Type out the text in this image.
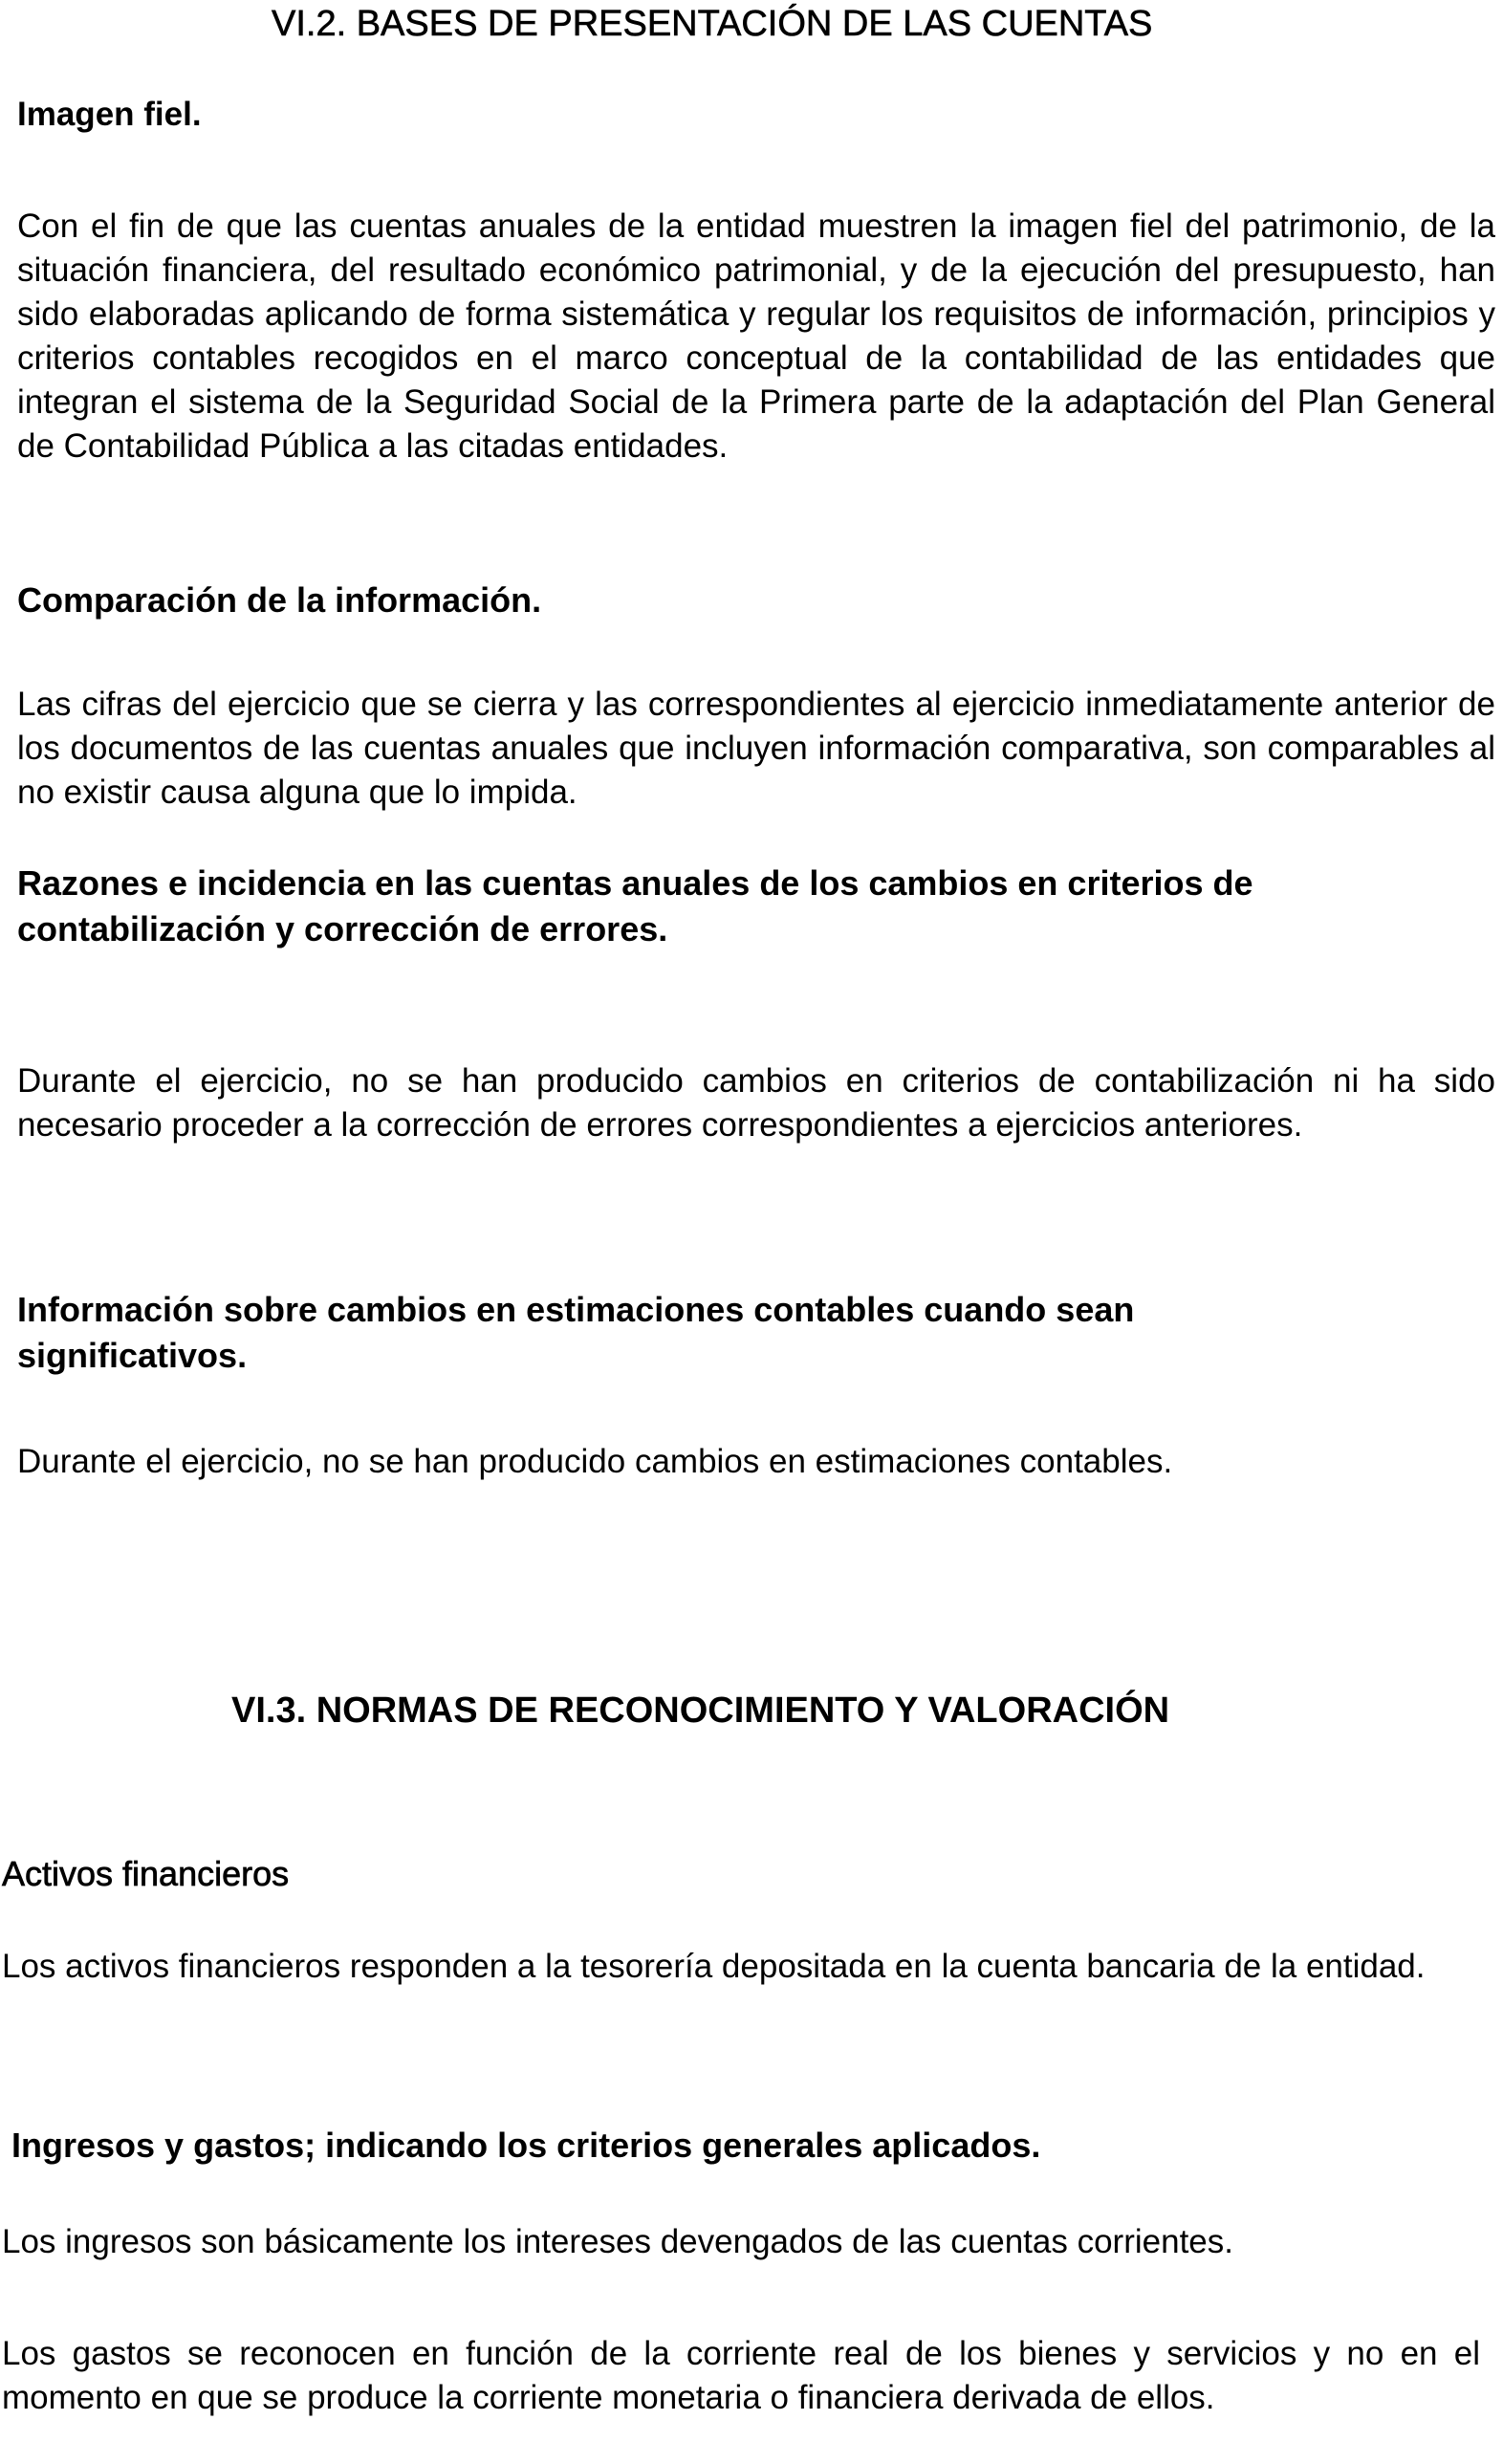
VI.2. BASES DE PRESENTACIÓN DE LAS CUENTAS
Imagen fiel.

Con el fin de que las cuentas anuales de la entidad muestren la imagen fiel del patrimonio, de la situación financiera, del resultado económico patrimonial, y de la ejecución del presupuesto, han sido elaboradas aplicando de forma sistemática y regular los requisitos de información, principios y criterios contables recogidos en el marco conceptual de la contabilidad de las entidades que integran el sistema de la Seguridad Social de la Primera parte de la adaptación del Plan General de Contabilidad Pública a las citadas entidades.

Comparación de la información.

Las cifras del ejercicio que se cierra y las correspondientes al ejercicio inmediatamente anterior de los documentos de las cuentas anuales que incluyen información comparativa, son comparables al no existir causa alguna que lo impida.

Razones e incidencia en las cuentas anuales de los cambios en criterios de contabilización y corrección de errores.

Durante el ejercicio, no se han producido cambios en criterios de contabilización ni ha sido necesario proceder a la corrección de errores correspondientes a ejercicios anteriores.

Información sobre cambios en estimaciones contables cuando sean significativos.

Durante el ejercicio, no se han producido cambios en estimaciones contables.

VI.3. NORMAS DE RECONOCIMIENTO Y VALORACIÓN
Activos financieros

Los activos financieros responden a la tesorería depositada en la cuenta bancaria de la entidad.

Ingresos y gastos; indicando los criterios generales aplicados.

Los ingresos son básicamente los intereses devengados de las cuentas corrientes.

Los gastos se reconocen en función de la corriente real de los bienes y servicios y no en el momento en que se produce la corriente monetaria o financiera derivada de ellos.
